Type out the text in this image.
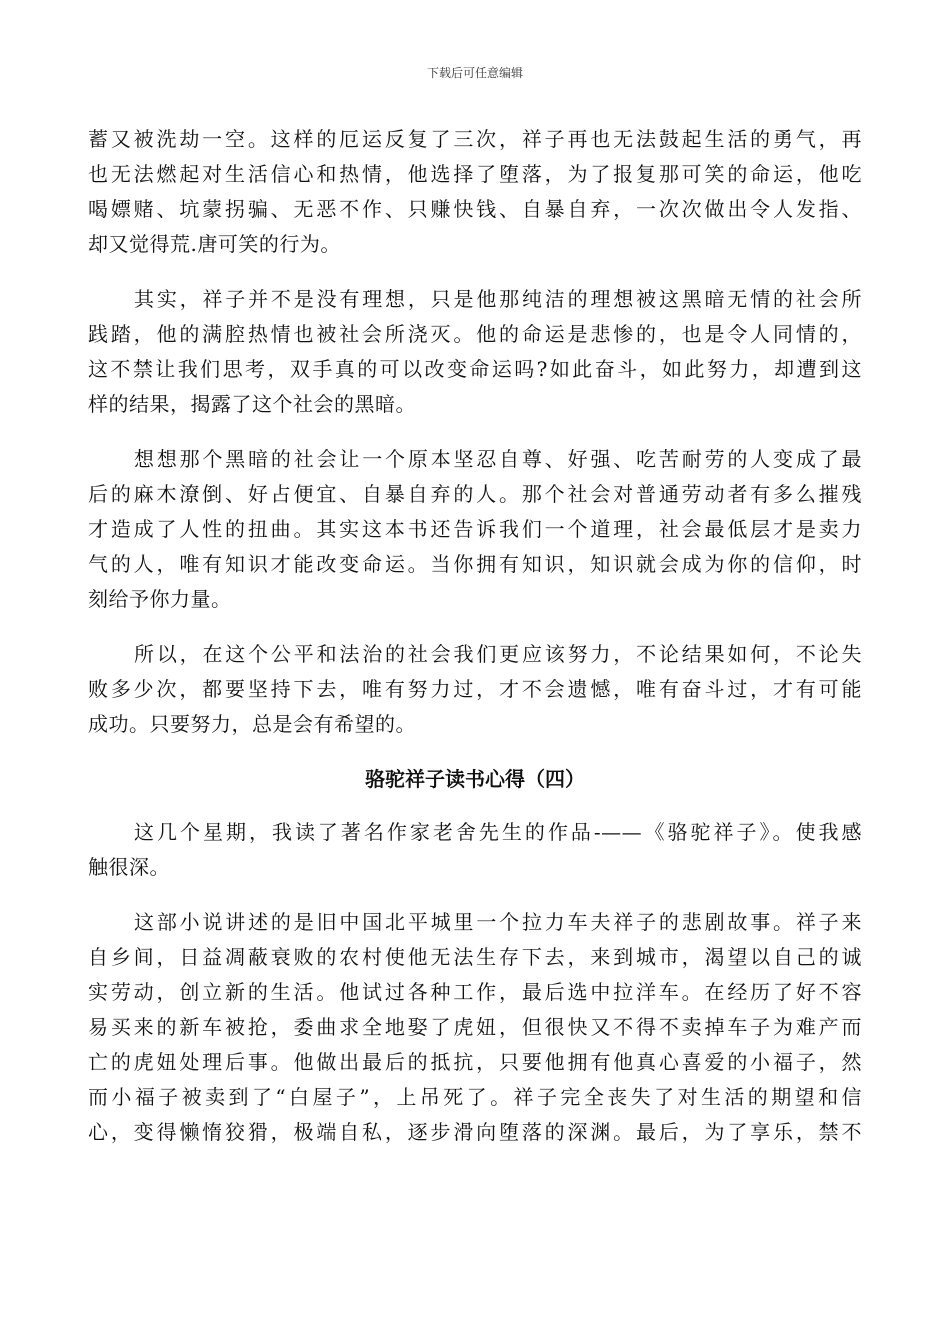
下载后可任意编辑
蓄又被洗劫一空。这样的厄运反复了三次，祥子再也无法鼓起生活的勇气，再
也无法燃起对生活信心和热情，他选择了堕落，为了报复那可笑的命运，他吃
喝嫖赌、坑蒙拐骗、无恶不作、只赚快钱、自暴自弃，一次次做出令人发指、
却又觉得荒.唐可笑的行为。
其实，祥子并不是没有理想，只是他那纯洁的理想被这黑暗无情的社会所
践踏，他的满腔热情也被社会所浇灭。他的命运是悲惨的，也是令人同情的，
这不禁让我们思考，双手真的可以改变命运吗?如此奋斗，如此努力，却遭到这
样的结果，揭露了这个社会的黑暗。
想想那个黑暗的社会让一个原本坚忍自尊、好强、吃苦耐劳的人变成了最
后的麻木潦倒、好占便宜、自暴自弃的人。那个社会对普通劳动者有多么摧残
才造成了人性的扭曲。其实这本书还告诉我们一个道理，社会最低层才是卖力
气的人，唯有知识才能改变命运。当你拥有知识，知识就会成为你的信仰，时
刻给予你力量。
所以，在这个公平和法治的社会我们更应该努力，不论结果如何，不论失
败多少次，都要坚持下去，唯有努力过，才不会遗憾，唯有奋斗过，才有可能
成功。只要努力，总是会有希望的。
骆驼祥子读书心得（四）
这几个星期，我读了著名作家老舍先生的作品-——《骆驼祥子》。使我感
触很深。
这部小说讲述的是旧中国北平城里一个拉力车夫祥子的悲剧故事。祥子来
自乡间，日益凋蔽衰败的农村使他无法生存下去，来到城市，渴望以自己的诚
实劳动，创立新的生活。他试过各种工作，最后选中拉洋车。在经历了好不容
易买来的新车被抢，委曲求全地娶了虎妞，但很快又不得不卖掉车子为难产而
亡的虎妞处理后事。他做出最后的抵抗，只要他拥有他真心喜爱的小福子，然
而小福子被卖到了“白屋子”，上吊死了。祥子完全丧失了对生活的期望和信
心，变得懒惰狡猾，极端自私，逐步滑向堕落的深渊。最后，为了享乐，禁不
